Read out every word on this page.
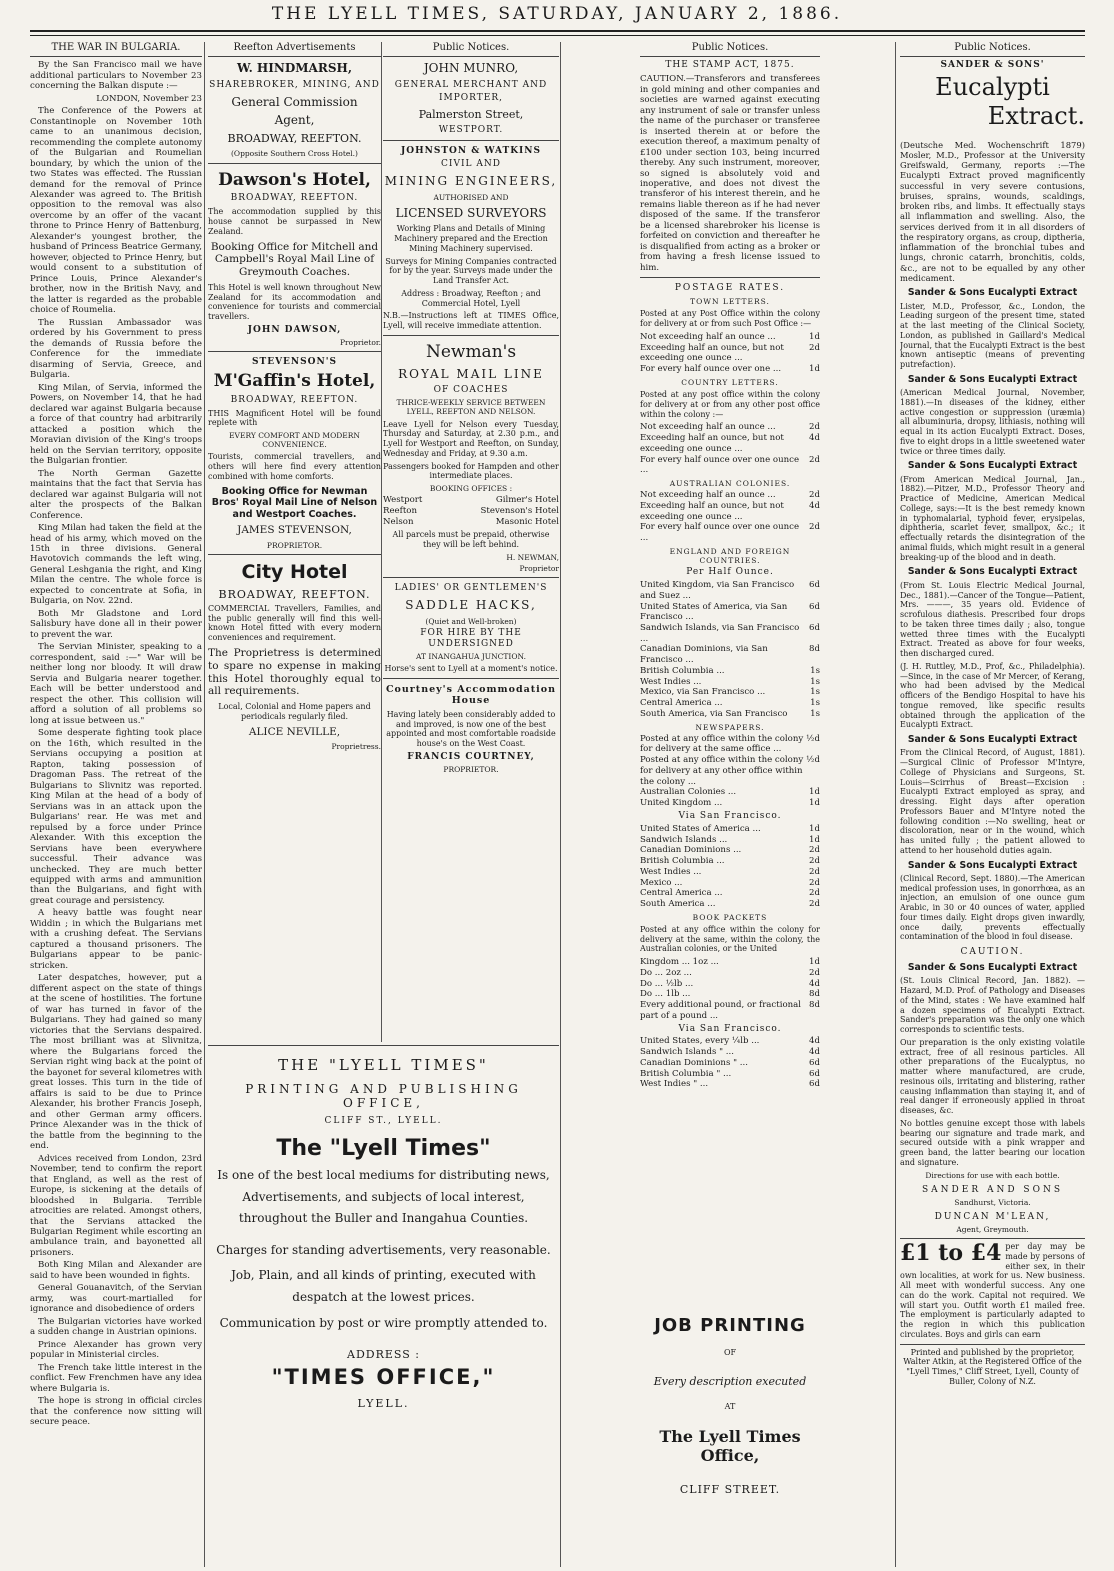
THE LYELL TIMES, SATURDAY, JANUARY 2, 1886.
THE WAR IN BULGARIA.

By the San Francisco mail we have additional particulars to November 23 concerning the Balkan dispute :—

LONDON, November 23

The Conference of the Powers at Constantinople on November 10th came to an unanimous decision, recommending the complete autonomy of the Bulgarian and Roumelian boundary, by which the union of the two States was effected. The Russian demand for the removal of Prince Alexander was agreed to. The British opposition to the removal was also overcome by an offer of the vacant throne to Prince Henry of Battenburg, Alexander's youngest brother, the husband of Princess Beatrice Germany, however, objected to Prince Henry, but would consent to a substitution of Prince Louis, Prince Alexander's brother, now in the British Navy, and the latter is regarded as the probable choice of Roumelia.

The Russian Ambassador was ordered by his Government to press the demands of Russia before the Conference for the immediate disarming of Servia, Greece, and Bulgaria.

King Milan, of Servia, informed the Powers, on November 14, that he had declared war against Bulgaria because a force of that country had arbitrarily attacked a position which the Moravian division of the King's troops held on the Servian territory, opposite the Bulgarian frontier.

The North German Gazette maintains that the fact that Servia has declared war against Bulgaria will not alter the prospects of the Balkan Conference.

King Milan had taken the field at the head of his army, which moved on the 15th in three divisions. General Havotovich commands the left wing, General Leshgania the right, and King Milan the centre. The whole force is expected to concentrate at Sofia, in Bulgaria, on Nov. 22nd.

Both Mr Gladstone and Lord Salisbury have done all in their power to prevent the war.

The Servian Minister, speaking to a correspondent, said :—" War will be neither long nor bloody. It will draw Servia and Bulgaria nearer together. Each will be better understood and respect the other. This collision will afford a solution of all problems so long at issue between us."

Some desperate fighting took place on the 16th, which resulted in the Servians occupying a position at Rapton, taking possession of Dragoman Pass. The retreat of the Bulgarians to Slivnitz was reported. King Milan at the head of a body of Servians was in an attack upon the Bulgarians' rear. He was met and repulsed by a force under Prince Alexander. With this exception the Servians have been everywhere successful. Their advance was unchecked. They are much better equipped with arms and ammunition than the Bulgarians, and fight with great courage and persistency.

A heavy battle was fought near Widdin ; in which the Bulgarians met with a crushing defeat. The Servians captured a thousand prisoners. The Bulgarians appear to be panic-stricken.

Later despatches, however, put a different aspect on the state of things at the scene of hostilities. The fortune of war has turned in favor of the Bulgarians. They had gained so many victories that the Servians despaired. The most brilliant was at Slivnitza, where the Bulgarians forced the Servian right wing back at the point of the bayonet for several kilometres with great losses. This turn in the tide of affairs is said to be due to Prince Alexander, his brother Francis Joseph, and other German army officers. Prince Alexander was in the thick of the battle from the beginning to the end.

Advices received from London, 23rd November, tend to confirm the report that England, as well as the rest of Europe, is sickening at the details of bloodshed in Bulgaria. Terrible atrocities are related. Amongst others, that the Servians attacked the Bulgarian Regiment while escorting an ambulance train, and bayonetted all prisoners.

Both King Milan and Alexander are said to have been wounded in fights.

General Gouanavitch, of the Servian army, was court-martialled for ignorance and disobedience of orders

The Bulgarian victories have worked a sudden change in Austrian opinions.

Prince Alexander has grown very popular in Ministerial circles.

The French take little interest in the conflict. Few Frenchmen have any idea where Bulgaria is.

The hope is strong in official circles that the conference now sitting will secure peace.

Reefton Advertisements
W. HINDMARSH,
SHAREBROKER, MINING, AND
General Commission
Agent,
BROADWAY, REEFTON.
(Opposite Southern Cross Hotel.)
Dawson's Hotel,
BROADWAY, REEFTON.
The accommodation supplied by this house cannot be surpassed in New Zealand.
Booking Office for Mitchell and Campbell's Royal Mail Line of Greymouth Coaches.
This Hotel is well known throughout New Zealand for its accommodation and convenience for tourists and commercial travellers.
JOHN DAWSON,
Proprietor.
STEVENSON'S
M'Gaffin's Hotel,
BROADWAY, REEFTON.
THIS Magnificent Hotel will be found replete with
EVERY COMFORT AND MODERN CONVENIENCE.
Tourists, commercial travellers, and others will here find every attention combined with home comforts.
Booking Office for Newman Bros' Royal Mail Line of Nelson and Westport Coaches.
JAMES STEVENSON,
PROPRIETOR.
City Hotel
BROADWAY, REEFTON.
COMMERCIAL Travellers, Families, and the public generally will find this well-known Hotel fitted with every modern conveniences and requirement.
The Proprietress is determined to spare no expense in making this Hotel thoroughly equal to all requirements.
Local, Colonial and Home papers and periodicals regularly filed.
ALICE NEVILLE,
Proprietress.
Public Notices.
JOHN MUNRO,
GENERAL MERCHANT AND
IMPORTER,
Palmerston Street,
WESTPORT.
JOHNSTON & WATKINS
CIVIL AND
MINING ENGINEERS,
AUTHORISED AND
LICENSED SURVEYORS
Working Plans and Details of Mining Machinery prepared and the Erection Mining Machinery supervised.
Surveys for Mining Companies contracted for by the year. Surveys made under the Land Transfer Act.
Address : Broadway, Reefton ; and Commercial Hotel, Lyell
N.B.—Instructions left at TIMES Office, Lyell, will receive immediate attention.
Newman's
ROYAL MAIL LINE
OF COACHES
THRICE-WEEKLY SERVICE BETWEEN LYELL, REEFTON AND NELSON.
Leave Lyell for Nelson every Tuesday, Thursday and Saturday, at 2.30 p.m., and Lyell for Westport and Reefton, on Sunday, Wednesday and Friday, at 9.30 a.m.
Passengers booked for Hampden and other intermediate places.
BOOKING OFFICES :
Westport	Gilmer's Hotel
Reefton	Stevenson's Hotel
Nelson	Masonic Hotel
All parcels must be prepaid, otherwise they will be left behind.
H. NEWMAN,
Proprietor
LADIES' OR GENTLEMEN'S
SADDLE HACKS,
(Quiet and Well-broken)
FOR HIRE BY THE UNDERSIGNED
AT INANGAHUA JUNCTION.
Horse's sent to Lyell at a moment's notice.
Courtney's Accommodation House
Having lately been considerably added to and improved, is now one of the best appointed and most comfortable roadside house's on the West Coast.
FRANCIS COURTNEY,
PROPRIETOR.
THE "LYELL TIMES"
PRINTING AND PUBLISHING OFFICE,
CLIFF ST., LYELL.
The "Lyell Times"
Is one of the best local mediums for distributing news, Advertisements, and subjects of local interest, throughout the Buller and Inangahua Counties.
Charges for standing advertisements, very reasonable.
Job, Plain, and all kinds of printing, executed with despatch at the lowest prices.
Communication by post or wire promptly attended to.
ADDRESS :
"TIMES OFFICE,"
LYELL.
Public Notices.
THE STAMP ACT, 1875.
CAUTION.—Transferors and transferees in gold mining and other companies and societies are warned against executing any instrument of sale or transfer unless the name of the purchaser or transferee is inserted therein at or before the execution thereof, a maximum penalty of £100 under section 103, being incurred thereby. Any such instrument, moreover, so signed is absolutely void and inoperative, and does not divest the transferor of his interest therein, and he remains liable thereon as if he had never disposed of the same. If the transferor be a licensed sharebroker his license is forfeited on conviction and thereafter he is disqualified from acting as a broker or from having a fresh license issued to him.
POSTAGE RATES.
TOWN LETTERS.
Posted at any Post Office within the colony for delivery at or from such Post Office :—
Not exceeding half an ounce ...	1d
Exceeding half an ounce, but not exceeding one ounce ...
2d
For every half ounce over one ...	1d
COUNTRY LETTERS.
Posted at any post office within the colony for delivery at or from any other post office within the colony :—
Not exceeding half an ounce ...	2d
Exceeding half an ounce, but not exceeding one ounce ...
4d
For every half ounce over one ounce ...
2d
AUSTRALIAN COLONIES.
Not exceeding half an ounce ...	2d
Exceeding half an ounce, but not exceeding one ounce ...
4d
For every half ounce over one ounce ...
2d
ENGLAND AND FOREIGN COUNTRIES.
Per Half Ounce.
United Kingdom, via San Francisco and Suez ...
6d
United States of America, via San Francisco ...
6d
Sandwich Islands, via San Francisco ...
6d
Canadian Dominions, via San Francisco ...
8d
British Columbia ...	1s
West Indies ...	1s
Mexico, via San Francisco ...	1s
Central America ...	1s
South America, via San Francisco	1s
NEWSPAPERS.
Posted at any office within the colony for delivery at the same office ...
½d
Posted at any office within the colony for delivery at any other office within the colony ...
½d
Australian Colonies ...	1d
United Kingdom ...	1d
Via San Francisco.
United States of America ...	1d
Sandwich Islands ...	1d
Canadian Dominions ...	2d
British Columbia ...	2d
West Indies ...	2d
Mexico ...	2d
Central America ...	2d
South America ...	2d
BOOK PACKETS
Posted at any office within the colony for delivery at the same, within the colony, the Australian colonies, or the United
Kingdom ... 1oz ...	1d
Do ... 2oz ...	2d
Do ... ½lb ...	4d
Do ... 1lb ...	8d
Every additional pound, or fractional part of a pound ...
8d
Via San Francisco.
United States, every ¼lb ...	4d
Sandwich Islands " ...	4d
Canadian Dominions " ...	6d
British Columbia " ...	6d
West Indies " ...	6d
JOB PRINTING
OF
Every description executed
AT
The Lyell Times Office,
CLIFF STREET.
Public Notices.
SANDER & SONS'
Eucalypti
Extract.
(Deutsche Med. Wochenschrift 1879) Mosler, M.D., Professor at the University Greifswald, Germany, reports :—The Eucalypti Extract proved magnificently successful in very severe contusions, bruises, sprains, wounds, scaldings, broken ribs, and limbs. It effectually stays all inflammation and swelling. Also, the services derived from it in all disorders of the respiratory organs, as croup, diptheria, inflammation of the bronchial tubes and lungs, chronic catarrh, bronchitis, colds, &c., are not to be equalled by any other medicament.
Sander & Sons Eucalypti Extract
Lister, M.D., Professor, &c., London, the Leading surgeon of the present time, stated at the last meeting of the Clinical Society, London, as published in Gaillard's Medical Journal, that the Eucalypti Extract is the best known antiseptic (means of preventing putrefaction).
Sander & Sons Eucalypti Extract
(American Medical Journal, November, 1881).—In diseases of the kidney, either active congestion or suppression (uræmia) all albuminuria, dropsy, lithiasis, nothing will equal in its action Eucalypti Extract. Doses, five to eight drops in a little sweetened water twice or three times daily.
Sander & Sons Eucalypti Extract
(From American Medical Journal, Jan., 1882).—Pitzer, M.D., Professor Theory and Practice of Medicine, American Medical College, says:—It is the best remedy known in typhomalarial, typhoid fever, erysipelas, diphtheria, scarlet fever, smallpox, &c.; it effectually retards the disintegration of the animal fluids, which might result in a general breaking-up of the blood and in death.
Sander & Sons Eucalypti Extract
(From St. Louis Electric Medical Journal, Dec., 1881).—Cancer of the Tongue—Patient, Mrs. ———, 35 years old. Evidence of scrofulous diathesis. Prescribed four drops to be taken three times daily ; also, tongue wetted three times with the Eucalypti Extract. Treated as above for four weeks, then discharged cured.
(J. H. Ruttley, M.D., Prof, &c., Philadelphia).—Since, in the case of Mr Mercer, of Kerang, who had been advised by the Medical officers of the Bendigo Hospital to have his tongue removed, like specific results obtained through the application of the Eucalypti Extract.
Sander & Sons Eucalypti Extract
From the Clinical Record, of August, 1881).—Surgical Clinic of Professor M'Intyre, College of Physicians and Surgeons, St. Louis—Scirrhus of Breast—Excision : Eucalypti Extract employed as spray, and dressing. Eight days after operation Professors Bauer and M'Intyre noted the following condition :—No swelling, heat or discoloration, near or in the wound, which has united fully ; the patient allowed to attend to her household duties again.
Sander & Sons Eucalypti Extract
(Clinical Record, Sept. 1880).—The American medical profession uses, in gonorrhœa, as an injection, an emulsion of one ounce gum Arabic, in 30 or 40 ounces of water, applied four times daily. Eight drops given inwardly, once daily, prevents effectually contamination of the blood in foul disease.
CAUTION.
Sander & Sons Eucalypti Extract
(St. Louis Clinical Record, Jan. 1882). —Hazard, M.D. Prof. of Pathology and Diseases of the Mind, states : We have examined half a dozen specimens of Eucalypti Extract. Sander's preparation was the only one which corresponds to scientific tests.
Our preparation is the only existing volatile extract, free of all resinous particles. All other preparations of the Eucalyptus, no matter where manufactured, are crude, resinous oils, irritating and blistering, rather causing inflammation than staying it, and of real danger if erroneously applied in throat diseases, &c.
No bottles genuine except those with labels bearing our signature and trade mark, and secured outside with a pink wrapper and green band, the latter bearing our location and signature.
Directions for use with each bottle.
SANDER AND SONS
Sandhurst, Victoria.
DUNCAN M'LEAN,
Agent, Greymouth.
£1 to £4 per day may be made by persons of either sex, in their own localities, at work for us. New business. All meet with wonderful success. Any one can do the work. Capital not required. We will start you. Outfit worth £1 mailed free. The employment is particularly adapted to the region in which this publication circulates. Boys and girls can earn
Printed and published by the proprietor, Walter Atkin, at the Registered Office of the "Lyell Times," Cliff Street, Lyell, County of Buller, Colony of N.Z.
